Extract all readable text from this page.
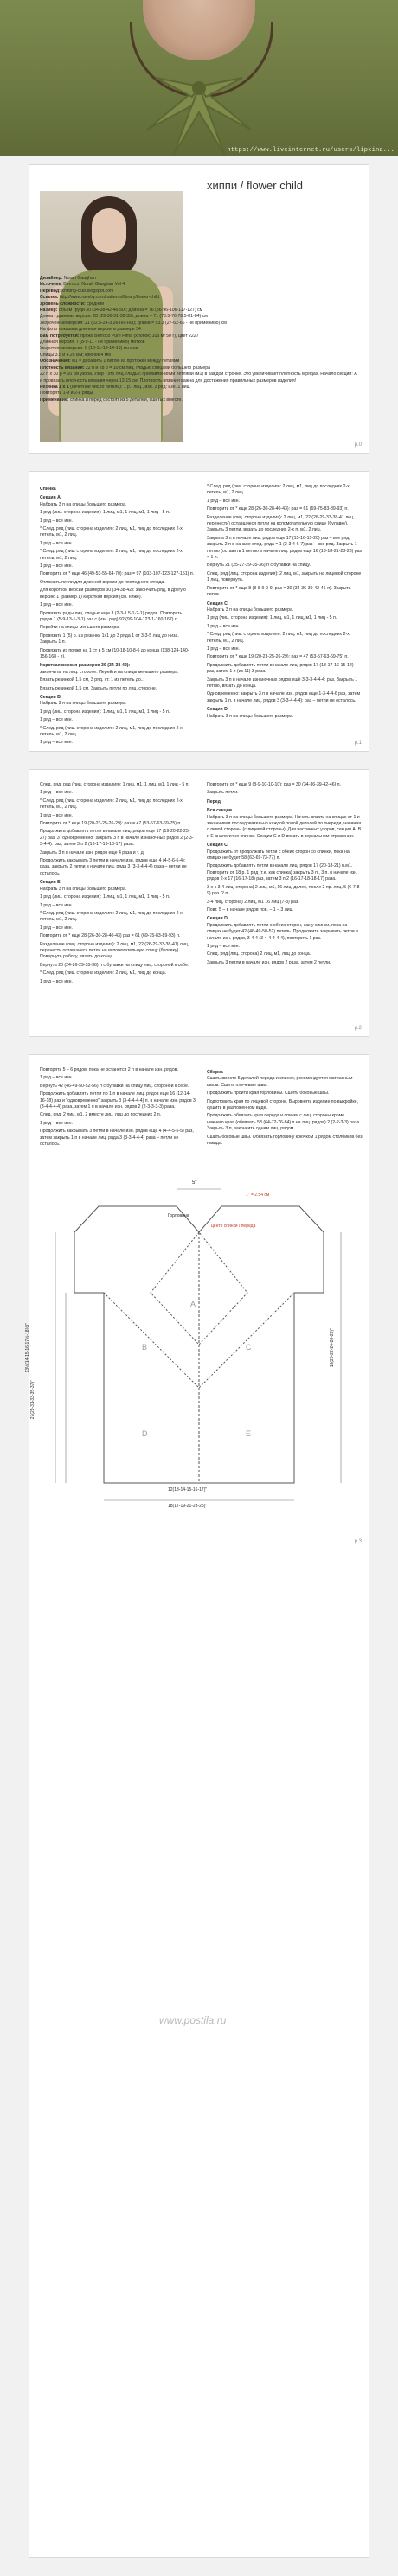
https://www.liveinternet.ru/users/lipkina...
хиппи / flower child

Дизайнер: Norah Gaughan

Источник: Berroco: Norah Gaughan Vol 4

Перевод: knitting-club.blogspot.com

Ссылка: http://www.ravelry.com/patterns/library/flower-child

Уровень сложности: средний

Размер: объем груди 30 (34-38-42-46-50); длинна = 76 (86-96-106-117-127) см

Длина - длинная версия: 28 (29-30-31-32-33); длина = 71 (73.5-76-78.5-81-84) см

Укороченная версия: 21 (22.5-24-3.26-н/а-н/а); длина = 53.3 (27-62-66 - не применимо) см

На фото показана длинная версия в размере 34

Вам потребуется: пряжа Berroco Pure Pima (хлопок; 105 м/ 50 г), цвет 2227

Длинная версия: 7 (8-9-11 - не применимо) мотков

Укороченная версия: 6 (10-11-13-14-16) мотков

Спицы 3.5 и 4.25 мм; крючок 4 мм

Обозначения: м1 = добавить 1 петлю из протяжки между петлями

Плотность вязания: 22 п и 28 р = 10 см лиц. гладью спицами большего размера

22 п x 30 р = 10 см узора. Узор - это лиц. гладь с прибавлениями петлями (м1) в каждой строчке. Это увеличивает плотность в рядах. Начало секции: А и провязать плотность вязания через 13-15 см. Плотность вязания важна для достижения правильных размеров изделия!

Резинка 1 x 1 (нечетное число петель): 1 р.: лиц., изн. 2 ряд: изн. 1 лиц.

Повторять 1-й и 2-й ряды.

Примечание: спинка и перед состоят из 5 деталей, сшитых вместе.

p.0

Спинка

Секция А

Набрать 3 п на спицы большего размера.

1 ряд (лиц. сторона изделия): 1 лиц, м1, 1 лиц, м1, 1 лиц - 5 п.

1 ряд – все изн.

* След. ряд (лиц. сторона изделия): 2 лиц, м1, лиц до последних 2-х петель, м1, 2 лиц.

1 ряд – все изн.

* След. ряд (лиц. сторона изделия): 2 лиц, м1, лиц до последних 2-х петель, м1, 2 лиц.

1 ряд – все изн.

Повторить от * еще 46 (49-53-55-64-70): раз = 97 (103-107-123-127-151) п.

Отложить петли для длинной версии до последнего отхода.

Для короткой версии размеров 30 (34-38-42): закончить ряд, в другую версию 1 (размер 1) Короткая версия (см. ниже).

1 ряд – все изн.

Провязать ряды лиц. гладью еще 3 (2-3-1.5-1-2-1) рядов. Повторять рядов 1 (5-9-13-1-3-1) раз с (изн. ряд) 92 (99-104-123-1-160-167) п.

Перейти на спицы меньшего размера.

Провязать 1 (5) р. из резинки 1x1 до 3 ряда 1 от 3-3-5 лиц до низа. Закрыть 1 п.

Провязать из пряжи на 1 ст в 5 см (10-18-10-8-6 до конца (138-124-140-156-168 - п).

Короткая версия размеров 30 (34-38-42):

закончить, на лиц. стороне. Перейти на спицы меньшего размера.

Вязать резинкой 1.5 см, 3 ряд. ст. 1 из петель до...

Вязать резинкой 1.5 см. Закрыть петли по лиц. стороне.

Секция В

Набрать 3 п на спицы большего размера.

1 ряд (лиц. сторона изделия): 1 лиц, м1, 1 лиц, м1, 1 лиц - 5 п.

1 ряд – все изн.

* След. ряд (лиц. сторона изделия): 2 лиц, м1, лиц до последних 2-х петель, м1, 2 лиц.

1 ряд – все изн.

* След. ряд (лиц. сторона изделия): 2 лиц, м1, лиц до последних 2-х петель, м1, 2 лиц.

1 ряд – все изн.

Повторить от * еще 28 (26-30-28-40-43): раз = 61 (69-75-83-89-93) п.

Разделение (лиц. сторона изделия): 2 лиц, м1, 22 (26-29-33-38-41 лиц, перенести) оставшиеся петли на вспомогательную спицу (булавку). Закрыть 3 петли, вязать до последних 2-х п, м1, 2 лиц.

Закрыть 3 п в начале лиц. рядов еще 17 (15-16-15-20) раз – все ряд, закрыть 2 п в начале след. ряда = 1 (2-3-4-6-7) раз – все ряд. Закрыть 1 петлю (оставить 1 петлю в начале лиц. рядов еще 16 (18-18-21-23-26) раз = 1 п.

Вернуть 21 (25-27-29-35-36) п с булавки на спицу.

След. ряд (лиц. сторона изделия): 2 лиц, м1, закрыть на лицевой стороне 1 лиц, повернуть.

Повторить от * еще 8 (8-8-9-9-9) раз = 30 (34-36-39-42-46-п). Закрыть петли.

Секция С

Набрать 3 п на спицы большего размера.

1 ряд (лиц. сторона изделия): 1 лиц, м1, 1 лиц, м1, 1 лиц - 5 п.

1 ряд – все изн.

* След. ряд (лиц. сторона изделия): 2 лиц, м1, лиц до последних 2-х петель, м1, 2 лиц.

1 ряд – все изн.

Повторить от * еще 19 (20-23-25-26-29): раз = 47 (53-57-63-69-75) п.

Продолжить добавлять петли в начале лиц. рядов 17 (18-17-16-15-14) раз, затем 1 п (из 11) 3 раза.

Закрыть 3 п в начале изнаночных рядов ещё 3-3-3-4-4-4: раз. Закрыть 1 петлю, вязать до конца.

Одновременно: закрыть 3 п в начале изн. рядов еще 1-3-4-4-6 раз, затем закрыть 1 п. в начале лиц. рядов 3 (3-3-4-4-4): раз – петли не осталось.

Секция D

Набрать 3 п на спицы большего размера.

p.1

След. ряд. ряд (лиц. сторона изделия): 1 лиц, м1, 1 лиц, м1, 1 лиц - 5 п.

1 ряд – все изн.

* След. ряд (лиц. сторона изделия): 2 лиц, м1, лиц до последних 2-х петель, м1, 2 лиц.

1 ряд – все изн.

Повторить от * еще 19 (20-23-25-26-29): раз = 47 (53-57-63-69-75) п.

Продолжить добавлять петли в начале лиц. рядов еще 17 (19-20-22-25-27) раз, 3 "одновременно" закрыть 3 п в начале изнаночных рядов 2 (2-3-3-4-4): раз, затем 3 п 2 (16-17-18-18-17) раза.

Закрыть 3 п в начале изн. рядов еще 4 раза и т. д.

Продолжить закрывать 3 петли в начале изн. рядов еще 4 (4-5-6-6-4): раза, закрыть 2 петли в начале лиц. ряда 3 (3-3-4-4-4) раза – петли не осталось.

Секция Е

Набрать 3 п на спицы большего размера.

1 ряд (лиц. сторона изделия): 1 лиц, м1, 1 лиц, м1, 1 лиц - 5 п.

1 ряд – все изн.

* След. ряд (лиц. сторона изделия): 2 лиц, м1, лиц до последних 2-х петель, м1, 2 лиц.

1 ряд – все изн.

Повторить от * еще 28 (26-30-28-40-43) раз = 61 (69-75-83-89-93) п.

Разделение (лиц. сторона изделия): 2 лиц, м1, 22 (26-29-33-38-41) лиц, перенести оставшиеся петли на вспомогательную спицу (булавку). Повернуть работу, вязать до конца.

Вернуть 20 (24-26-29-35-36) п с булавки на спицу лиц. стороной к себе.

* След. ряд (лиц. сторона изделия): 2 лиц, м1, лиц до конца.

1 ряд – все изн.

Повторить от * еще 9 (8-9-10-10-10): раз = 30 (34-36-39-42-46) п.

Закрыть петли.

Перед

Вся секция

Набрать 3 п на спицы большего размера. Начать вязать на спицах от 1 и заканчивая последовательно каждой полой деталей по очереди, начиная с левой стороны (с лицевой стороны). Для частичных узоров, секции А, В и Е аналогично спинке. Секции С и D вязать в зеркальном отражении.

Секция С

Продолжить от продолжать петли с обеих сторон со спинки, пока на спицах не будет 58 (63-69-73-77) п.

Продолжить добавлять петли в начале лиц. рядов 17 (20-18-21) п.м1. Повторить от 18 р. 1 ряд (т.е. как спинка) закрыть 3 п., 3 п. в начале изн. рядов 2-х 17 (16-17-18) раз, затем 3 п 2 (16-17-18-18-17) раза.

3-х с 3-4 лиц, сторона) 2 лиц, м1, 16 лиц, далее, после 2 пр. лиц. 5 (6-7-8-9) раз. 2 п.

3-4 лиц, сторона) 2 лиц, м1 16 лиц (7-8) раз.

Повт. 5 – в начале рядов пов. – 1 – 3 лиц.

Секция D

Продолжить добавлять петли с обеих сторон, как у спинки, пока на спицах не будет 42 (46-49-50-52) петель. Продолжить закрывать петли в начале изн. рядов, 3-4-4 (3-4-4-4-4-4), повторить 1 раз.

1 ряд – все изн.

След. ряд (лиц. сторона) 2 лиц, м1, лиц до конца.

Закрыть 3 петли в начале изн. рядов 2 раза, затем 2 петли.

p.2

Повторять 5 – 6 рядов, пока не останется 2 п в начале изн. рядов.

1 ряд – все изн.

Вернуть 42 (46-49-50-52-56) п с булавки на спицу лиц. стороной к себе.

Продолжить добавлять петли по 1 п в начале лиц. рядов еще 16 (12-14-16-18) раз и "одновременно" закрыть 3 (3-4-4-4-4) п. в начале изн. рядов 3 (3-4-4-4-4) раза, затем 1 п в начале изн. рядов 2 (2-3-3-3-3) раза.

След. ряд: 2 лиц, м1, 2 вместе лиц, лиц до последних 2 п.

1 ряд – все изн.

Продолжить закрывать 3 петли в начале изн. рядов еще 4 (4-4-5-5-5) раз, затем закрыть 1 п в начале лиц. ряда 3 (3-3-4-4-4) раза – петли не осталось.

Сборка

Сшить вместе 5 деталей переда и спинки, рекомендуется матрасным швом. Сшить плечевые швы.

Продолжить пройти края горловины. Сшить боковые швы.

Подготовить края по лицевой стороне. Выровнять изделие по выкройке, сушить в разложенном виде.

Продолжить обвязать края переда и спинки с лиц. стороны кроме нижнего края (обвязать 58 (64-72-76-84) п на лиц. рядов) 2 (2-2-3-3) раза. Закрыть 3 п, закончить одним лиц. рядом.

Сшить боковые швы. Обвязать горловину крючком 1 рядом столбиков без накида.

5"
1" = 2.54 см
Горловина
центр спинки / переда
A
B	C
D	E
13½(14-15-16-17½-18½)"
27(29-31-33-35-37)"
18(20-22-24-26-28)"
18(17-19-21-23-25)"
12(13-14-15-16-17)"
www.postila.ru
p.3
